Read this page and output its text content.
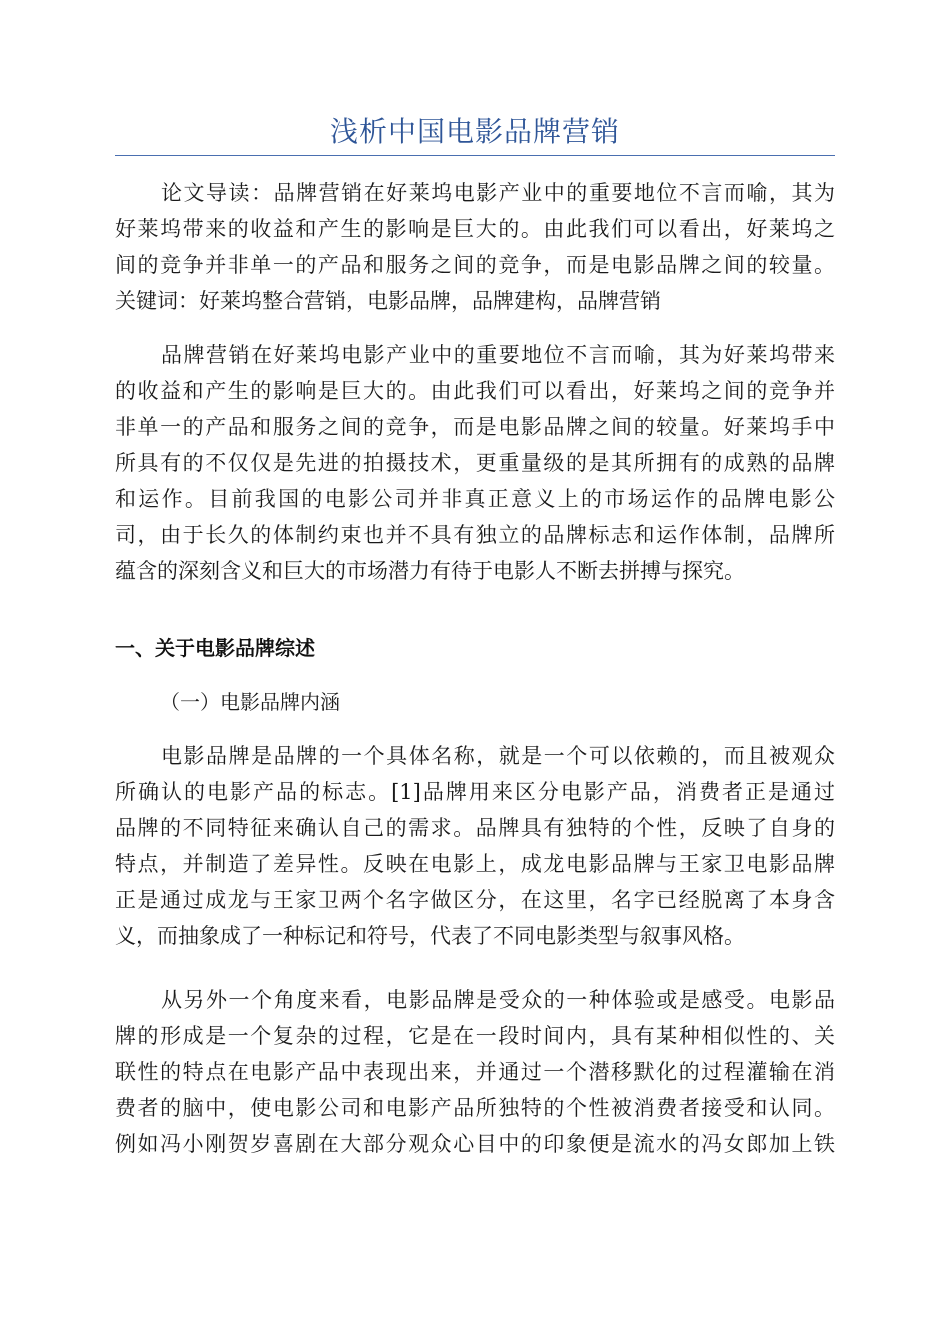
浅析中国电影品牌营销
论文导读：品牌营销在好莱坞电影产业中的重要地位不言而喻，其为
好莱坞带来的收益和产生的影响是巨大的。由此我们可以看出，好莱坞之
间的竞争并非单一的产品和服务之间的竞争，而是电影品牌之间的较量。
关键词：好莱坞整合营销，电影品牌，品牌建构，品牌营销
品牌营销在好莱坞电影产业中的重要地位不言而喻，其为好莱坞带来
的收益和产生的影响是巨大的。由此我们可以看出，好莱坞之间的竞争并
非单一的产品和服务之间的竞争，而是电影品牌之间的较量。好莱坞手中
所具有的不仅仅是先进的拍摄技术，更重量级的是其所拥有的成熟的品牌
和运作。目前我国的电影公司并非真正意义上的市场运作的品牌电影公
司，由于长久的体制约束也并不具有独立的品牌标志和运作体制，品牌所
蕴含的深刻含义和巨大的市场潜力有待于电影人不断去拼搏与探究。
一、关于电影品牌综述
（一）电影品牌内涵
电影品牌是品牌的一个具体名称，就是一个可以依赖的，而且被观众
所确认的电影产品的标志。[1]品牌用来区分电影产品，消费者正是通过
品牌的不同特征来确认自己的需求。品牌具有独特的个性，反映了自身的
特点，并制造了差异性。反映在电影上，成龙电影品牌与王家卫电影品牌
正是通过成龙与王家卫两个名字做区分，在这里，名字已经脱离了本身含
义，而抽象成了一种标记和符号，代表了不同电影类型与叙事风格。
从另外一个角度来看，电影品牌是受众的一种体验或是感受。电影品
牌的形成是一个复杂的过程，它是在一段时间内，具有某种相似性的、关
联性的特点在电影产品中表现出来，并通过一个潜移默化的过程灌输在消
费者的脑中，使电影公司和电影产品所独特的个性被消费者接受和认同。
例如冯小刚贺岁喜剧在大部分观众心目中的印象便是流水的冯女郎加上铁
